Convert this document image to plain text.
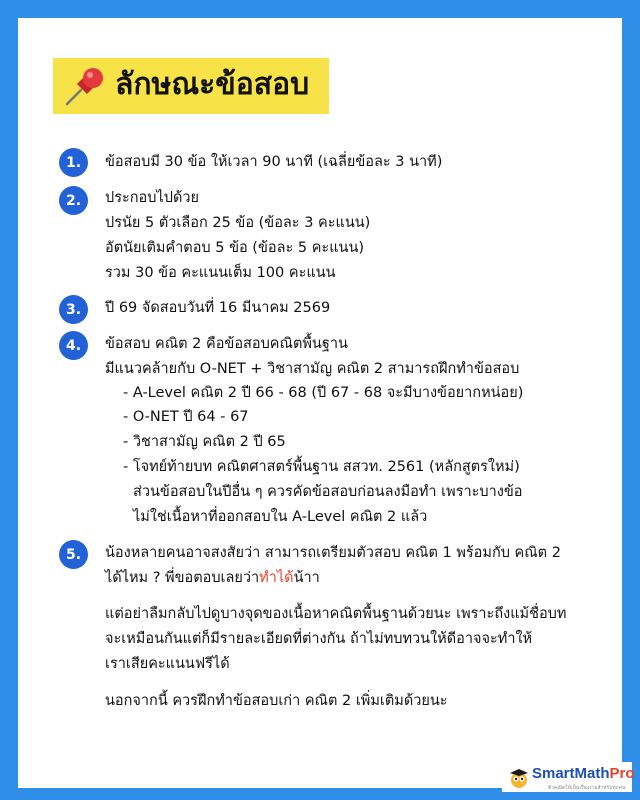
ลักษณะข้อสอบ
1.	ข้อสอบมี 30 ข้อ ให้เวลา 90 นาที (เฉลี่ยข้อละ 3 นาที)
2.	ประกอบไปด้วย
ปรนัย 5 ตัวเลือก 25 ข้อ (ข้อละ 3 คะแนน)
อัตนัยเติมคำตอบ 5 ข้อ (ข้อละ 5 คะแนน)
รวม 30 ข้อ คะแนนเต็ม 100 คะแนน
3.	ปี 69 จัดสอบวันที่ 16 มีนาคม 2569
4.	ข้อสอบ คณิต 2 คือข้อสอบคณิตพื้นฐาน
มีแนวคล้ายกับ O-NET + วิชาสามัญ คณิต 2 สามารถฝึกทำข้อสอบ
- A-Level คณิต 2 ปี 66 - 68 (ปี 67 - 68 จะมีบางข้อยากหน่อย)
- O-NET ปี 64 - 67
- วิชาสามัญ คณิต 2 ปี 65
- โจทย์ท้ายบท คณิตศาสตร์พื้นฐาน สสวท. 2561 (หลักสูตรใหม่)
ส่วนข้อสอบในปีอื่น ๆ ควรคัดข้อสอบก่อนลงมือทำ เพราะบางข้อ
ไม่ใช่เนื้อหาที่ออกสอบใน A-Level คณิต 2 แล้ว
5.	น้องหลายคนอาจสงสัยว่า สามารถเตรียมตัวสอบ คณิต 1 พร้อมกับ คณิต 2
ได้ไหม ? พี่ขอตอบเลยว่าทำได้น้าา
แต่อย่าลืมกลับไปดูบางจุดของเนื้อหาคณิตพื้นฐานด้วยนะ เพราะถึงแม้ชื่อบท
จะเหมือนกันแต่ก็มีรายละเอียดที่ต่างกัน ถ้าไม่ทบทวนให้ดีอาจจะทำให้
เราเสียคะแนนฟรีได้
นอกจากนี้ ควรฝึกทำข้อสอบเก่า คณิต 2 เพิ่มเติมด้วยนะ
SmartMathPro
ติวคณิตให้เป็นเรื่องง่ายสำหรับทุกคน
